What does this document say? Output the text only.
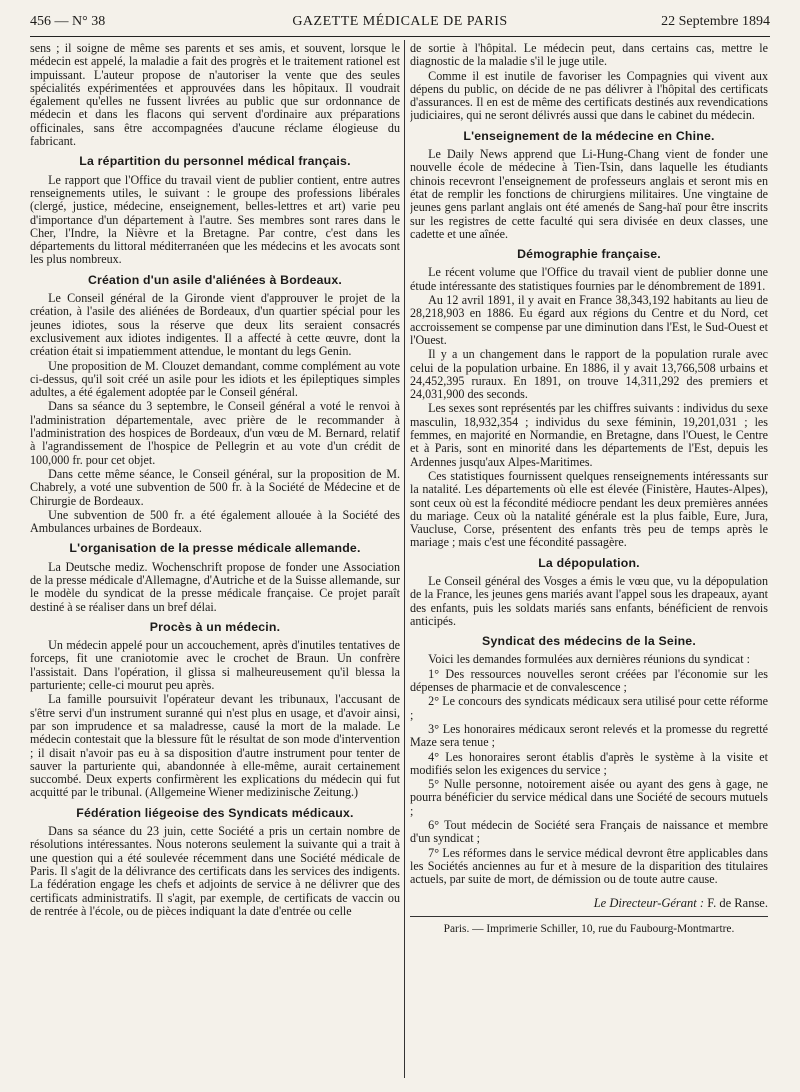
456 — N° 38	GAZETTE MÉDICALE DE PARIS	22 Septembre 1894

sens ; il soigne de même ses parents et ses amis, et souvent, lorsque le médecin est appelé, la maladie a fait des progrès et le traitement rationel est impuissant. L'auteur propose de n'autoriser la vente que des seules spécialités expérimentées et approuvées dans les hôpitaux. Il voudrait également qu'elles ne fussent livrées au public que sur ordonnance de médecin et dans les flacons qui servent d'ordinaire aux préparations officinales, sans être accompagnées d'aucune réclame élogieuse du fabricant.

La répartition du personnel médical français.

Le rapport que l'Office du travail vient de publier contient, entre autres renseignements utiles, le suivant : le groupe des professions libérales (clergé, justice, médecine, enseignement, belles-lettres et art) varie peu d'importance d'un département à l'autre. Ses membres sont rares dans le Cher, l'Indre, la Nièvre et la Bretagne. Par contre, c'est dans les départements du littoral méditerranéen que les médecins et les avocats sont les plus nombreux.

Création d'un asile d'aliénées à Bordeaux.

Le Conseil général de la Gironde vient d'approuver le projet de la création, à l'asile des aliénées de Bordeaux, d'un quartier spécial pour les jeunes idiotes, sous la réserve que deux lits seraient consacrés exclusivement aux idiotes indigentes. Il a affecté à cette œuvre, dont la création était si impatiemment attendue, le montant du legs Genin.

Une proposition de M. Clouzet demandant, comme complément au vote ci-dessus, qu'il soit créé un asile pour les idiots et les épileptiques simples adultes, a été également adoptée par le Conseil général.

Dans sa séance du 3 septembre, le Conseil général a voté le renvoi à l'administration départementale, avec prière de le recommander à l'administration des hospices de Bordeaux, d'un vœu de M. Bernard, relatif à l'agrandissement de l'hospice de Pellegrin et au vote d'un crédit de 100,000 fr. pour cet objet.

Dans cette même séance, le Conseil général, sur la proposition de M. Chabrely, a voté une subvention de 500 fr. à la Société de Médecine et de Chirurgie de Bordeaux.

Une subvention de 500 fr. a été également allouée à la Société des Ambulances urbaines de Bordeaux.

L'organisation de la presse médicale allemande.

La Deutsche mediz. Wochenschrift propose de fonder une Association de la presse médicale d'Allemagne, d'Autriche et de la Suisse allemande, sur le modèle du syndicat de la presse médicale française. Ce projet paraît destiné à se réaliser dans un bref délai.

Procès à un médecin.

Un médecin appelé pour un accouchement, après d'inutiles tentatives de forceps, fit une craniotomie avec le crochet de Braun. Un confrère l'assistait. Dans l'opération, il glissa si malheureusement qu'il blessa la parturiente; celle-ci mourut peu après.

La famille poursuivit l'opérateur devant les tribunaux, l'accusant de s'être servi d'un instrument suranné qui n'est plus en usage, et d'avoir ainsi, par son imprudence et sa maladresse, causé la mort de la malade. Le médecin contestait que la blessure fût le résultat de son mode d'intervention ; il disait n'avoir pas eu à sa disposition d'autre instrument pour tenter de sauver la parturiente qui, abandonnée à elle-même, aurait certainement succombé. Deux experts confirmèrent les explications du médecin qui fut acquitté par le tribunal. (Allgemeine Wiener medizinische Zeitung.)

Fédération liégeoise des Syndicats médicaux.

Dans sa séance du 23 juin, cette Société a pris un certain nombre de résolutions intéressantes. Nous noterons seulement la suivante qui a trait à une question qui a été soulevée récemment dans une Société médicale de Paris. Il s'agit de la délivrance des certificats dans les services des indigents. La fédération engage les chefs et adjoints de service à ne délivrer que des certificats administratifs. Il s'agit, par exemple, de certificats de vaccin ou de rentrée à l'école, ou de pièces indiquant la date d'entrée ou celle

de sortie à l'hôpital. Le médecin peut, dans certains cas, mettre le diagnostic de la maladie s'il le juge utile.

Comme il est inutile de favoriser les Compagnies qui vivent aux dépens du public, on décide de ne pas délivrer à l'hôpital des certificats d'assurances. Il en est de même des certificats destinés aux revendications judiciaires, qui ne seront délivrés aussi que dans le cabinet du médecin.

L'enseignement de la médecine en Chine.

Le Daily News apprend que Li-Hung-Chang vient de fonder une nouvelle école de médecine à Tien-Tsin, dans laquelle les étudiants chinois recevront l'enseignement de professeurs anglais et seront mis en état de remplir les fonctions de chirurgiens militaires. Une vingtaine de jeunes gens parlant anglais ont été amenés de Sang-haï pour être inscrits sur les registres de cette faculté qui sera divisée en deux classes, une cadette et une aînée.

Démographie française.

Le récent volume que l'Office du travail vient de publier donne une étude intéressante des statistiques fournies par le dénombrement de 1891.

Au 12 avril 1891, il y avait en France 38,343,192 habitants au lieu de 28,218,903 en 1886. Eu égard aux régions du Centre et du Nord, cet accroissement se compense par une diminution dans l'Est, le Sud-Ouest et l'Ouest.

Il y a un changement dans le rapport de la population rurale avec celui de la population urbaine. En 1886, il y avait 13,766,508 urbains et 24,452,395 ruraux. En 1891, on trouve 14,311,292 des premiers et 24,031,900 des seconds.

Les sexes sont représentés par les chiffres suivants : individus du sexe masculin, 18,932,354 ; individus du sexe féminin, 19,201,031 ; les femmes, en majorité en Normandie, en Bretagne, dans l'Ouest, le Centre et à Paris, sont en minorité dans les départements de l'Est, depuis les Ardennes jusqu'aux Alpes-Maritimes.

Ces statistiques fournissent quelques renseignements intéressants sur la natalité. Les départements où elle est élevée (Finistère, Hautes-Alpes), sont ceux où est la fécondité médiocre pendant les deux premières années du mariage. Ceux où la natalité générale est la plus faible, Eure, Jura, Vaucluse, Corse, présentent des enfants très peu de temps après le mariage ; mais c'est une fécondité passagère.

La dépopulation.

Le Conseil général des Vosges a émis le vœu que, vu la dépopulation de la France, les jeunes gens mariés avant l'appel sous les drapeaux, ayant des enfants, puis les soldats mariés sans enfants, bénéficient de renvois anticipés.

Syndicat des médecins de la Seine.

Voici les demandes formulées aux dernières réunions du syndicat :

1° Des ressources nouvelles seront créées par l'économie sur les dépenses de pharmacie et de convalescence ;

2° Le concours des syndicats médicaux sera utilisé pour cette réforme ;

3° Les honoraires médicaux seront relevés et la promesse du regretté Maze sera tenue ;

4° Les honoraires seront établis d'après le système à la visite et modifiés selon les exigences du service ;

5° Nulle personne, notoirement aisée ou ayant des gens à gage, ne pourra bénéficier du service médical dans une Société de secours mutuels ;

6° Tout médecin de Société sera Français de naissance et membre d'un syndicat ;

7° Les réformes dans le service médical devront être applicables dans les Sociétés anciennes au fur et à mesure de la disparition des titulaires actuels, par suite de mort, de démission ou de toute autre cause.

Le Directeur-Gérant : F. de Ranse.
Paris. — Imprimerie Schiller, 10, rue du Faubourg-Montmartre.
